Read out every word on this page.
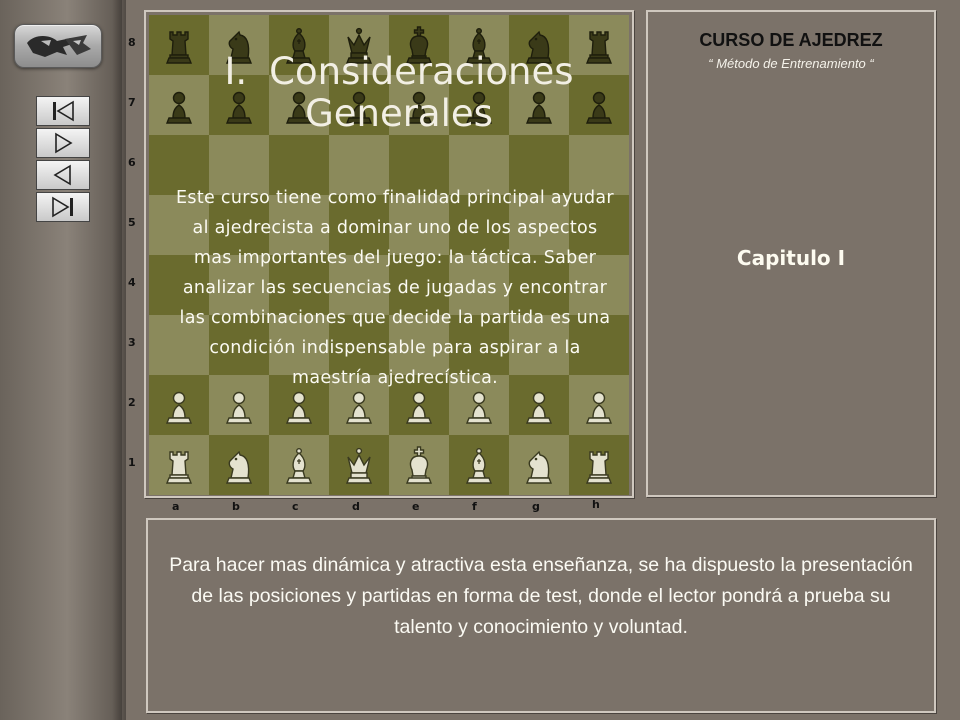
8
7
6
5
4
3
2
1
a	b	c	d	e	f	g	h
I. Consideraciones
Generales
Este curso tiene como finalidad principal ayudar al ajedrecista a dominar uno de los aspectos mas importantes del juego: la táctica. Saber analizar las secuencias de jugadas y encontrar las combinaciones que decide la partida es una condición indispensable para aspirar a la maestría ajedrecística.
CURSO DE AJEDREZ
“ Método de Entrenamiento “
Capitulo I
Para hacer mas dinámica y atractiva esta enseñanza, se ha dispuesto la presentación de las posiciones y partidas en forma de test, donde el lector pondrá a prueba su talento y conocimiento y voluntad.
